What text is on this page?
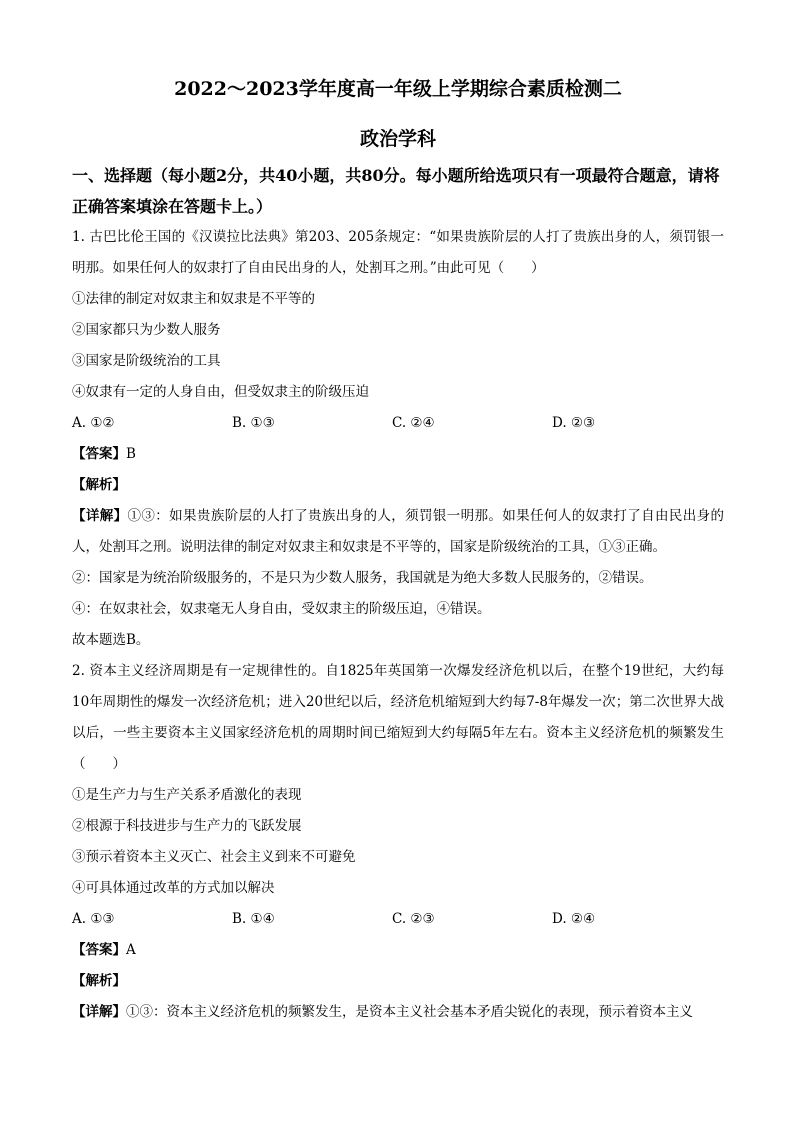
2022～2023学年度高一年级上学期综合素质检测二
政治学科
一、选择题（每小题2分，共40小题，共80分。每小题所给选项只有一项最符合题意，请将正确答案填涂在答题卡上。）

1. 古巴比伦王国的《汉谟拉比法典》第203、205条规定：“如果贵族阶层的人打了贵族出身的人，须罚银一明那。如果任何人的奴隶打了自由民出身的人，处割耳之刑。”由此可见（　　）

①法律的制定对奴隶主和奴隶是不平等的

②国家都只为少数人服务

③国家是阶级统治的工具

④奴隶有一定的人身自由，但受奴隶主的阶级压迫

A. ①②	B. ①③	C. ②④	D. ②③

【答案】B

【解析】

【详解】①③：如果贵族阶层的人打了贵族出身的人，须罚银一明那。如果任何人的奴隶打了自由民出身的人，处割耳之刑。说明法律的制定对奴隶主和奴隶是不平等的，国家是阶级统治的工具，①③正确。

②：国家是为统治阶级服务的，不是只为少数人服务，我国就是为绝大多数人民服务的，②错误。

④：在奴隶社会，奴隶毫无人身自由，受奴隶主的阶级压迫，④错误。

故本题选B。

2. 资本主义经济周期是有一定规律性的。自1825年英国第一次爆发经济危机以后，在整个19世纪，大约每10年周期性的爆发一次经济危机；进入20世纪以后，经济危机缩短到大约每7-8年爆发一次；第二次世界大战以后，一些主要资本主义国家经济危机的周期时间已缩短到大约每隔5年左右。资本主义经济危机的频繁发生（　　）

①是生产力与生产关系矛盾激化的表现

②根源于科技进步与生产力的飞跃发展

③预示着资本主义灭亡、社会主义到来不可避免

④可具体通过改革的方式加以解决

A. ①③	B. ①④	C. ②③	D. ②④

【答案】A

【解析】

【详解】①③：资本主义经济危机的频繁发生，是资本主义社会基本矛盾尖锐化的表现，预示着资本主义
